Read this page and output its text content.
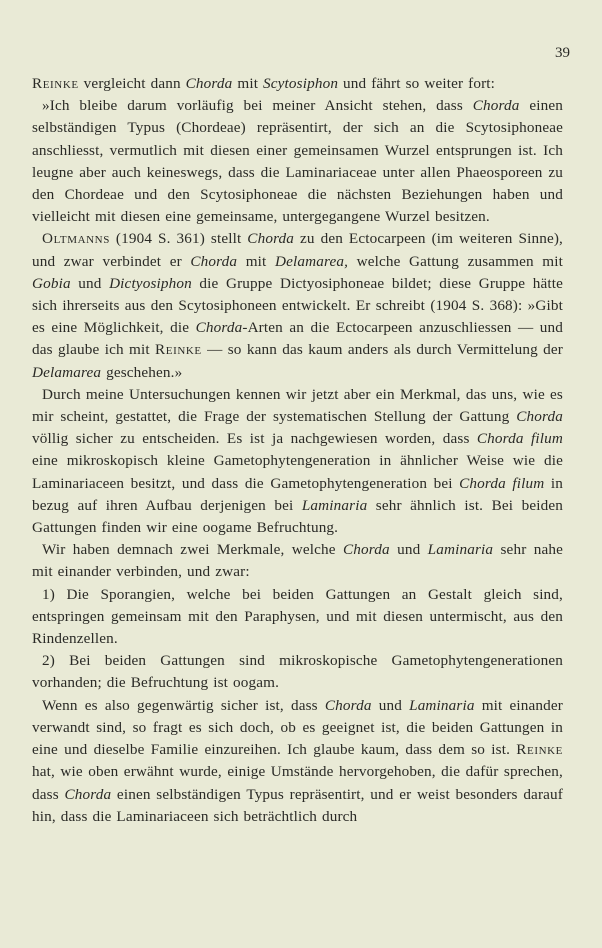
39

Reinke vergleicht dann Chorda mit Scytosiphon und fährt so weiter fort:

»Ich bleibe darum vorläufig bei meiner Ansicht stehen, dass Chorda einen selbständigen Typus (Chordeae) repräsentirt, der sich an die Scytosiphoneae anschliesst, vermutlich mit diesen einer gemeinsamen Wurzel entsprungen ist. Ich leugne aber auch keineswegs, dass die Laminariaceae unter allen Phaeosporeen zu den Chordeae und den Scytosiphoneae die nächsten Beziehungen haben und vielleicht mit diesen eine gemeinsame, untergegangene Wurzel besitzen.

Oltmanns (1904 S. 361) stellt Chorda zu den Ectocarpeen (im weiteren Sinne), und zwar verbindet er Chorda mit Delamarea, welche Gattung zusammen mit Gobia und Dictyosiphon die Gruppe Dictyosiphoneae bildet; diese Gruppe hätte sich ihrerseits aus den Scytosiphoneen entwickelt. Er schreibt (1904 S. 368): »Gibt es eine Möglichkeit, die Chorda-Arten an die Ectocarpeen anzuschliessen — und das glaube ich mit Reinke — so kann das kaum anders als durch Vermittelung der Delamarea geschehen.»

Durch meine Untersuchungen kennen wir jetzt aber ein Merkmal, das uns, wie es mir scheint, gestattet, die Frage der systematischen Stellung der Gattung Chorda völlig sicher zu entscheiden. Es ist ja nachgewiesen worden, dass Chorda filum eine mikroskopisch kleine Gametophytengeneration in ähnlicher Weise wie die Laminariaceen besitzt, und dass die Gametophytengeneration bei Chorda filum in bezug auf ihren Aufbau derjenigen bei Laminaria sehr ähnlich ist. Bei beiden Gattungen finden wir eine oogame Befruchtung.

Wir haben demnach zwei Merkmale, welche Chorda und Laminaria sehr nahe mit einander verbinden, und zwar:

1) Die Sporangien, welche bei beiden Gattungen an Gestalt gleich sind, entspringen gemeinsam mit den Paraphysen, und mit diesen untermischt, aus den Rindenzellen.

2) Bei beiden Gattungen sind mikroskopische Gametophytengenerationen vorhanden; die Befruchtung ist oogam.

Wenn es also gegenwärtig sicher ist, dass Chorda und Laminaria mit einander verwandt sind, so fragt es sich doch, ob es geeignet ist, die beiden Gattungen in eine und dieselbe Familie einzureihen. Ich glaube kaum, dass dem so ist. Reinke hat, wie oben erwähnt wurde, einige Umstände hervorgehoben, die dafür sprechen, dass Chorda einen selbständigen Typus repräsentirt, und er weist besonders darauf hin, dass die Laminariaceen sich beträchtlich durch
